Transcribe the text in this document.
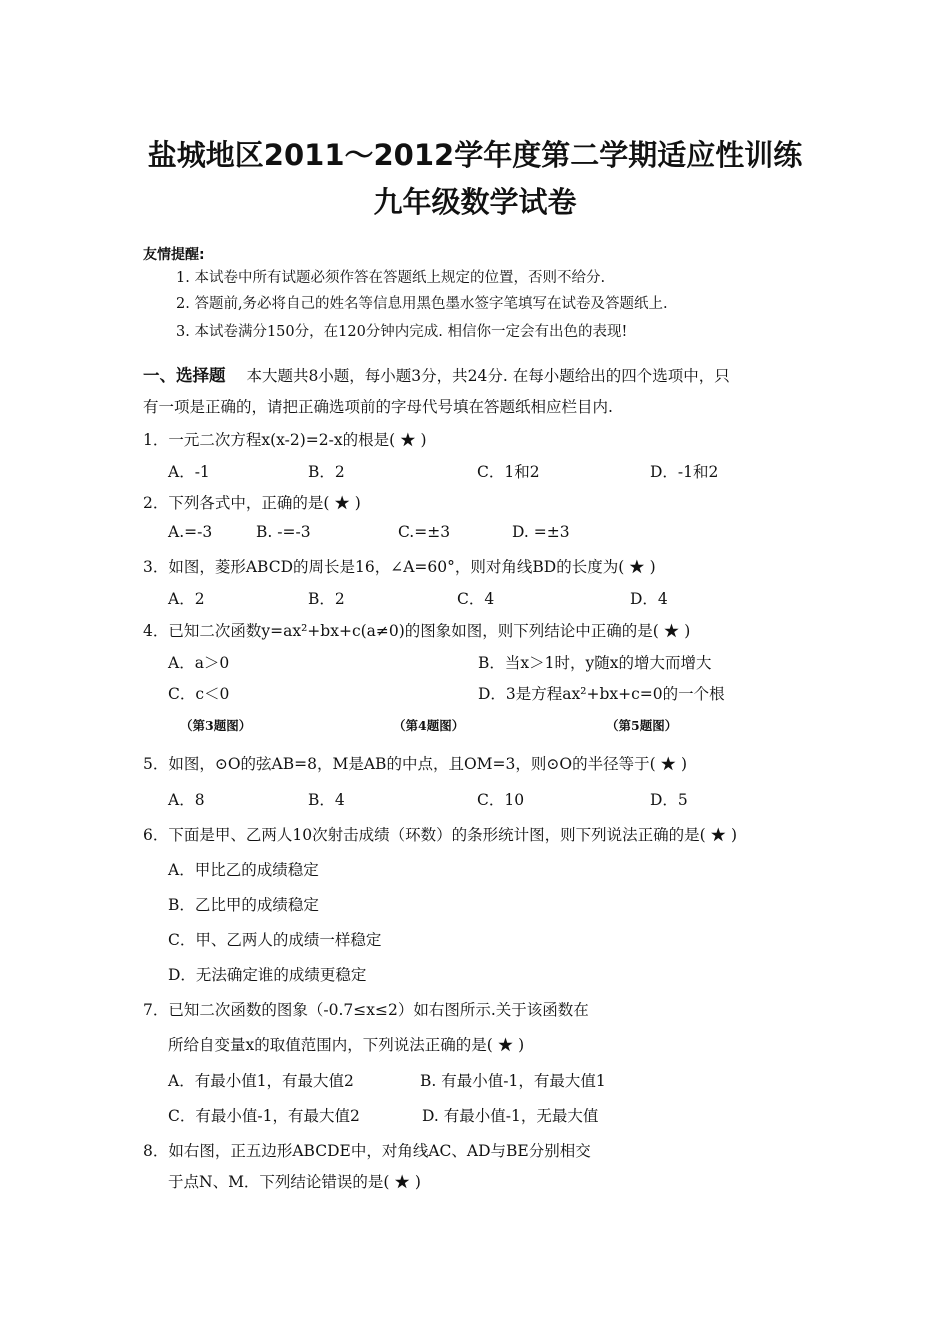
盐城地区2011～2012学年度第二学期适应性训练
九年级数学试卷
友情提醒:
1. 本试卷中所有试题必须作答在答题纸上规定的位置，否则不给分.
2. 答题前,务必将自己的姓名等信息用黑色墨水签字笔填写在试卷及答题纸上.
3. 本试卷满分150分，在120分钟内完成. 相信你一定会有出色的表现!
一、选择题 本大题共8小题，每小题3分，共24分. 在每小题给出的四个选项中，只
有一项是正确的，请把正确选项前的字母代号填在答题纸相应栏目内.
1．一元二次方程x(x-2)=2-x的根是( ★ )
A．-1	B．2	C．1和2	D．-1和2
2．下列各式中，正确的是( ★ )
A.=-3	B. -=-3	C.=±3	D. =±3
3．如图，菱形ABCD的周长是16，∠A=60°，则对角线BD的长度为( ★ )
A．2	B．2	C．4	D．4
4．已知二次函数y=ax²+bx+c(a≠0)的图象如图，则下列结论中正确的是( ★ )
A．a＞0	B．当x＞1时，y随x的增大而增大
C．c＜0	D．3是方程ax²+bx+c=0的一个根
（第3题图）	（第4题图）	（第5题图）
5．如图，⊙O的弦AB=8，M是AB的中点，且OM=3，则⊙O的半径等于( ★ )
A．8	B．4	C．10	D．5
6．下面是甲、乙两人10次射击成绩（环数）的条形统计图，则下列说法正确的是( ★ )
A．甲比乙的成绩稳定
B．乙比甲的成绩稳定
C．甲、乙两人的成绩一样稳定
D．无法确定谁的成绩更稳定
7．已知二次函数的图象（-0.7≤x≤2）如右图所示.关于该函数在
所给自变量x的取值范围内，下列说法正确的是( ★ )
A．有最小值1，有最大值2	B. 有最小值-1，有最大值1
C．有最小值-1，有最大值2	D. 有最小值-1，无最大值
8．如右图，正五边形ABCDE中，对角线AC、AD与BE分别相交
于点N、M．下列结论错误的是( ★ )
